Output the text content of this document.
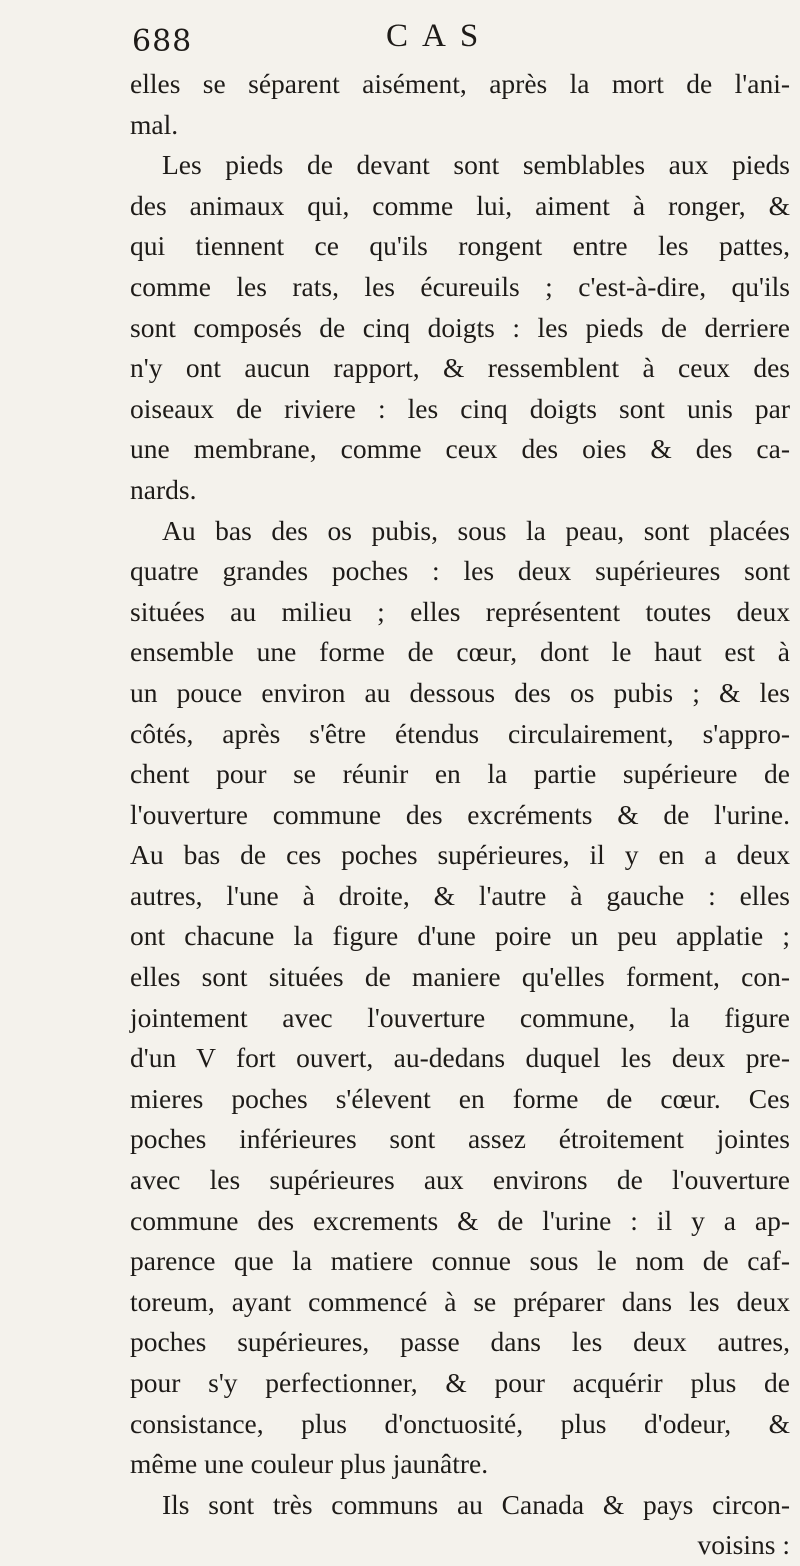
688	CAS
elles se séparent aisément, après la mort de l'ani-
mal.
Les pieds de devant sont semblables aux pieds
des animaux qui, comme lui, aiment à ronger, &
qui tiennent ce qu'ils rongent entre les pattes,
comme les rats, les écureuils ; c'est-à-dire, qu'ils
sont composés de cinq doigts : les pieds de derriere
n'y ont aucun rapport, & ressemblent à ceux des
oiseaux de riviere : les cinq doigts sont unis par
une membrane, comme ceux des oies & des ca-
nards.
Au bas des os pubis, sous la peau, sont placées
quatre grandes poches : les deux supérieures sont
situées au milieu ; elles représentent toutes deux
ensemble une forme de cœur, dont le haut est à
un pouce environ au dessous des os pubis ; & les
côtés, après s'être étendus circulairement, s'appro-
chent pour se réunir en la partie supérieure de
l'ouverture commune des excréments & de l'urine.
Au bas de ces poches supérieures, il y en a deux
autres, l'une à droite, & l'autre à gauche : elles
ont chacune la figure d'une poire un peu applatie ;
elles sont situées de maniere qu'elles forment, con-
jointement avec l'ouverture commune, la figure
d'un V fort ouvert, au-dedans duquel les deux pre-
mieres poches s'élevent en forme de cœur. Ces
poches inférieures sont assez étroitement jointes
avec les supérieures aux environs de l'ouverture
commune des excrements & de l'urine : il y a ap-
parence que la matiere connue sous le nom de caf-
toreum, ayant commencé à se préparer dans les deux
poches supérieures, passe dans les deux autres,
pour s'y perfectionner, & pour acquérir plus de
consistance, plus d'onctuosité, plus d'odeur, &
même une couleur plus jaunâtre.
Ils sont très communs au Canada & pays circon-
voisins :
